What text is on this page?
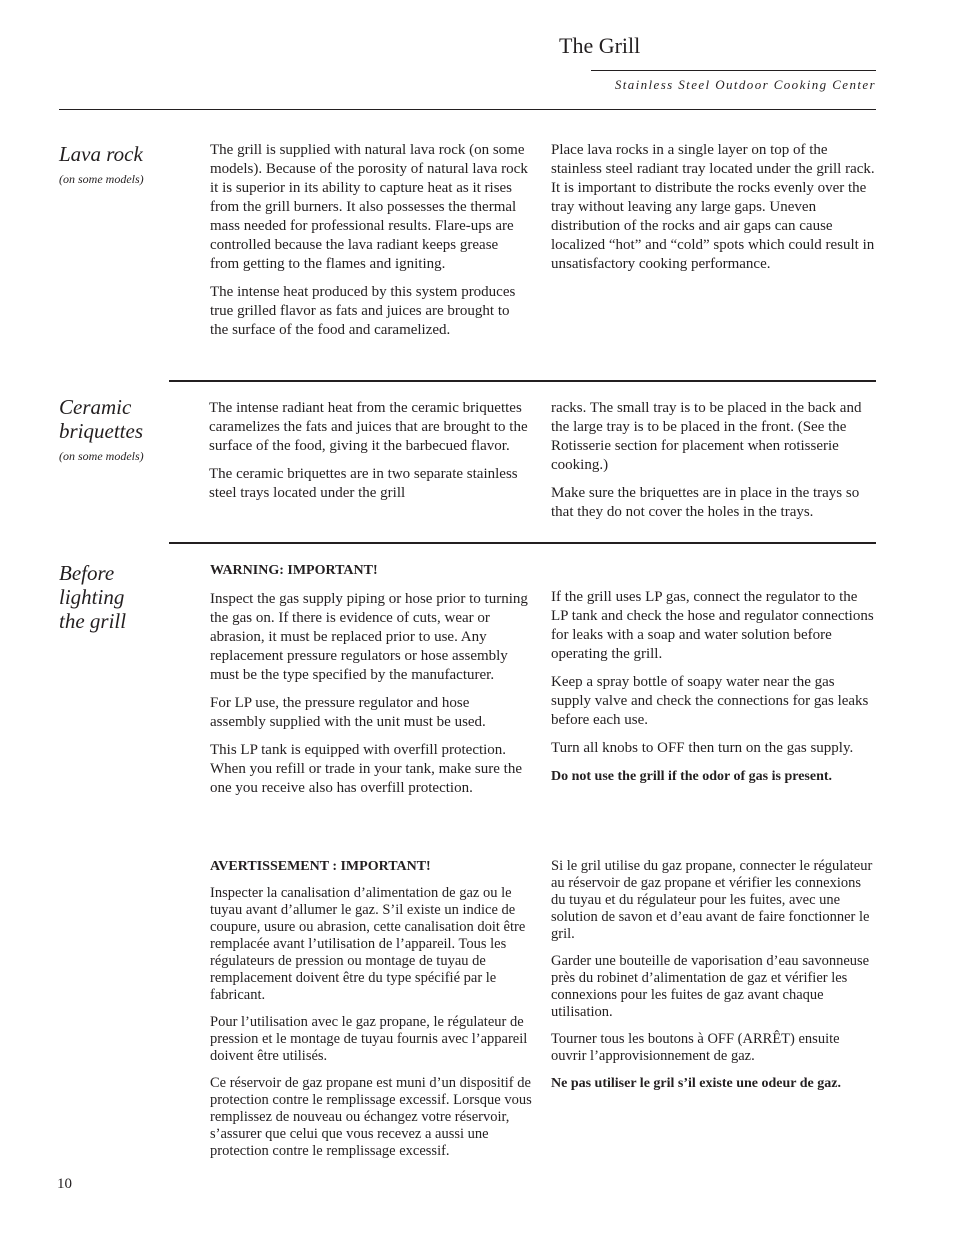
The Grill
Stainless Steel Outdoor Cooking Center
Lava rock
(on some models)

The grill is supplied with natural lava rock (on some models). Because of the porosity of natural lava rock it is superior in its ability to capture heat as it rises from the grill burners. It also possesses the thermal mass needed for professional results. Flare-ups are controlled because the lava radiant keeps grease from getting to the flames and igniting.

The intense heat produced by this system produces true grilled flavor as fats and juices are brought to the surface of the food and caramelized.

Place lava rocks in a single layer on top of the stainless steel radiant tray located under the grill rack. It is important to distribute the rocks evenly over the tray without leaving any large gaps. Uneven distribution of the rocks and air gaps can cause localized “hot” and “cold” spots which could result in unsatisfactory cooking performance.

Ceramic
briquettes
(on some models)

The intense radiant heat from the ceramic briquettes caramelizes the fats and juices that are brought to the surface of the food, giving it the barbecued flavor.

The ceramic briquettes are in two separate stainless steel trays located under the grill

racks. The small tray is to be placed in the back and the large tray is to be placed in the front. (See the Rotisserie section for placement when rotisserie cooking.)

Make sure the briquettes are in place in the trays so that they do not cover the holes in the trays.

Before
lighting
the grill

WARNING: IMPORTANT!

Inspect the gas supply piping or hose prior to turning the gas on. If there is evidence of cuts, wear or abrasion, it must be replaced prior to use. Any replacement pressure regulators or hose assembly must be the type specified by the manufacturer.

For LP use, the pressure regulator and hose assembly supplied with the unit must be used.

This LP tank is equipped with overfill protection. When you refill or trade in your tank, make sure the one you receive also has overfill protection.

If the grill uses LP gas, connect the regulator to the LP tank and check the hose and regulator connections for leaks with a soap and water solution before operating the grill.

Keep a spray bottle of soapy water near the gas supply valve and check the connections for gas leaks before each use.

Turn all knobs to OFF then turn on the gas supply.

Do not use the grill if the odor of gas is present.

AVERTISSEMENT : IMPORTANT!

Inspecter la canalisation d’alimentation de gaz ou le tuyau avant d’allumer le gaz. S’il existe un indice de coupure, usure ou abrasion, cette canalisation doit être remplacée avant l’utilisation de l’appareil. Tous les régulateurs de pression ou montage de tuyau de remplacement doivent être du type spécifié par le fabricant.

Pour l’utilisation avec le gaz propane, le régulateur de pression et le montage de tuyau fournis avec l’appareil doivent être utilisés.

Ce réservoir de gaz propane est muni d’un dispositif de protection contre le remplissage excessif. Lorsque vous remplissez de nouveau ou échangez votre réservoir, s’assurer que celui que vous recevez a aussi une protection contre le remplissage excessif.

Si le gril utilise du gaz propane, connecter le régulateur au réservoir de gaz propane et vérifier les connexions du tuyau et du régulateur pour les fuites, avec une solution de savon et d’eau avant de faire fonctionner le gril.

Garder une bouteille de vaporisation d’eau savonneuse près du robinet d’alimentation de gaz et vérifier les connexions pour les fuites de gaz avant chaque utilisation.

Tourner tous les boutons à OFF (ARRÊT) ensuite ouvrir l’approvisionnement de gaz.

Ne pas utiliser le gril s’il existe une odeur de gaz.

10
